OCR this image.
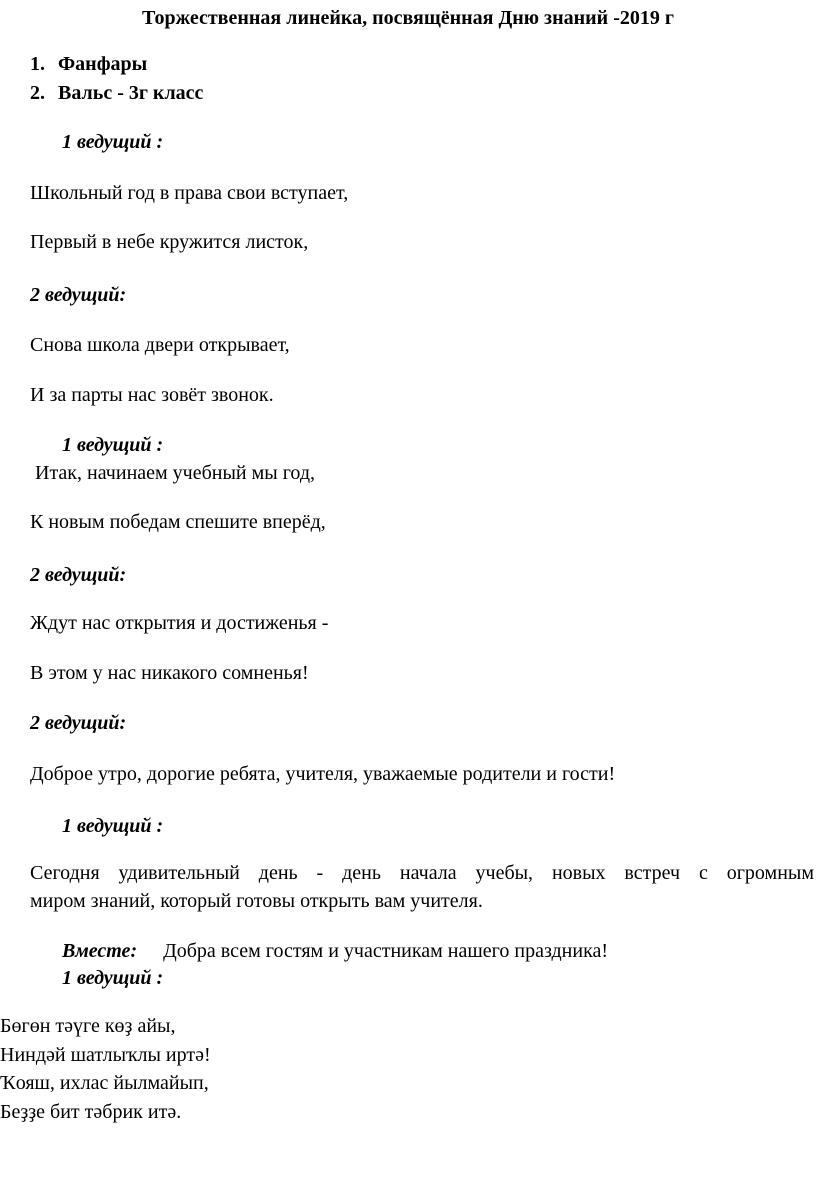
Торжественная линейка, посвящённая Дню знаний -2019 г
1. Фанфары
2. Вальс - 3г класс
1 ведущий :
Школьный год в права свои вступает,
Первый в небе кружится листок,
2 ведущий:
Снова школа двери открывает,
И за парты нас зовёт звонок.
1 ведущий :
Итак, начинаем учебный мы год,
К новым победам спешите вперёд,
2 ведущий:
Ждут нас открытия и достиженья -
В этом у нас никакого сомненья!
2 ведущий:
Доброе утро, дорогие ребята, учителя, уважаемые родители и гости!
1 ведущий :
Сегодня удивительный день - день начала учебы, новых встреч с огромным
миром знаний, который готовы открыть вам учителя.
Вместе: Добра всем гостям и участникам нашего праздника!
1 ведущий :
Бөгөн тәүге көҙ айы,
Ниндәй шатлыҡлы иртә!
Ҡояш, ихлас йылмайып,
Беҙҙе бит тәбрик итә.
